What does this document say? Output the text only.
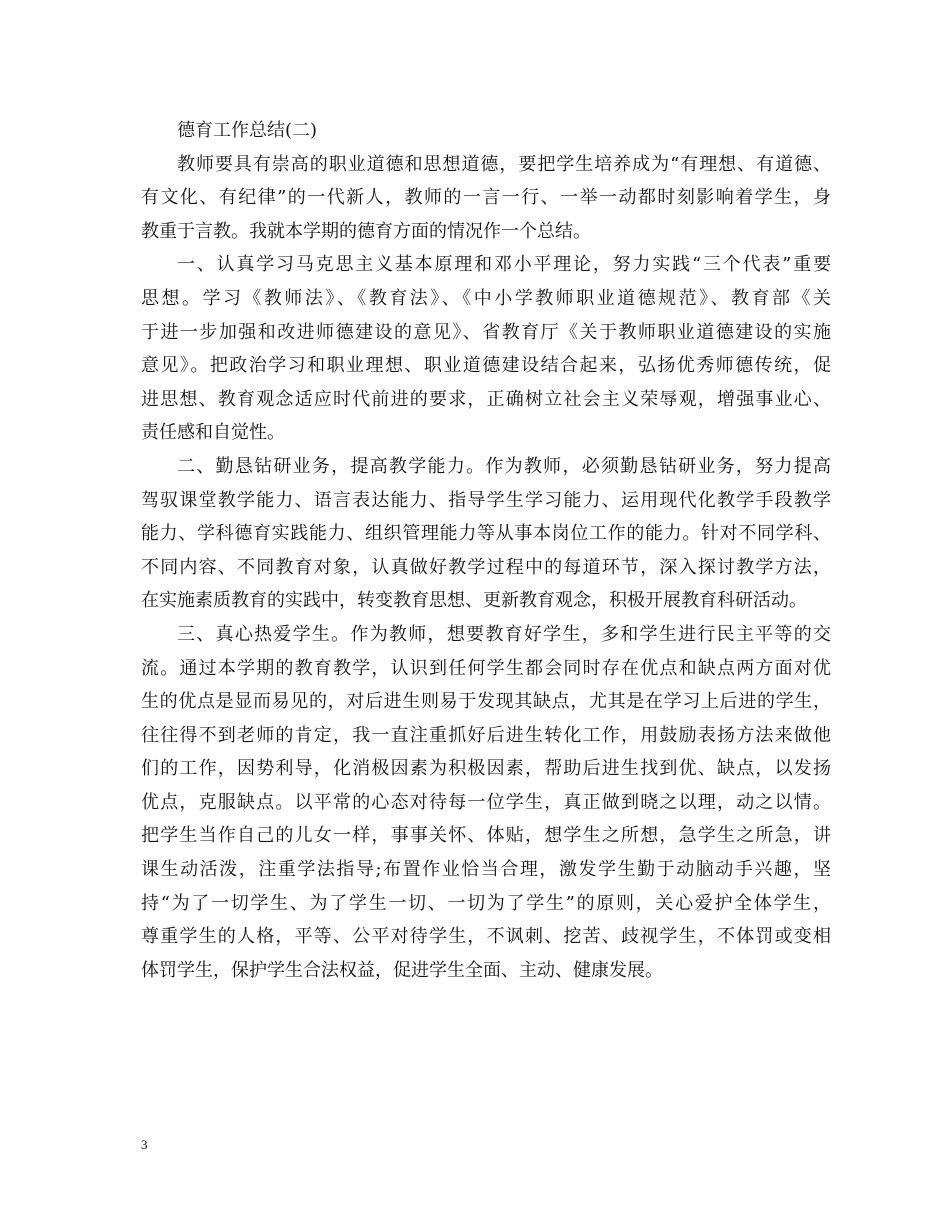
德育工作总结(二)
教师要具有崇高的职业道德和思想道德，要把学生培养成为“有理想、有道德、
有文化、有纪律”的一代新人，教师的一言一行、一举一动都时刻影响着学生，身
教重于言教。我就本学期的德育方面的情况作一个总结。
一、认真学习马克思主义基本原理和邓小平理论，努力实践“三个代表”重要
思想。学习《教师法》、《教育法》、《中小学教师职业道德规范》、教育部《关
于进一步加强和改进师德建设的意见》、省教育厅《关于教师职业道德建设的实施
意见》。把政治学习和职业理想、职业道德建设结合起来，弘扬优秀师德传统，促
进思想、教育观念适应时代前进的要求，正确树立社会主义荣辱观，增强事业心、
责任感和自觉性。
二、勤恳钻研业务，提高教学能力。作为教师，必须勤恳钻研业务，努力提高
驾驭课堂教学能力、语言表达能力、指导学生学习能力、运用现代化教学手段教学
能力、学科德育实践能力、组织管理能力等从事本岗位工作的能力。针对不同学科、
不同内容、不同教育对象，认真做好教学过程中的每道环节，深入探讨教学方法，
在实施素质教育的实践中，转变教育思想、更新教育观念，积极开展教育科研活动。
三、真心热爱学生。作为教师，想要教育好学生，多和学生进行民主平等的交
流。通过本学期的教育教学，认识到任何学生都会同时存在优点和缺点两方面对优
生的优点是显而易见的，对后进生则易于发现其缺点，尤其是在学习上后进的学生，
往往得不到老师的肯定，我一直注重抓好后进生转化工作，用鼓励表扬方法来做他
们的工作，因势利导，化消极因素为积极因素，帮助后进生找到优、缺点，以发扬
优点，克服缺点。以平常的心态对待每一位学生，真正做到晓之以理，动之以情。
把学生当作自己的儿女一样，事事关怀、体贴，想学生之所想，急学生之所急，讲
课生动活泼，注重学法指导;布置作业恰当合理，激发学生勤于动脑动手兴趣，坚
持“为了一切学生、为了学生一切、一切为了学生”的原则，关心爱护全体学生，
尊重学生的人格，平等、公平对待学生，不讽刺、挖苦、歧视学生，不体罚或变相
体罚学生，保护学生合法权益，促进学生全面、主动、健康发展。
3
